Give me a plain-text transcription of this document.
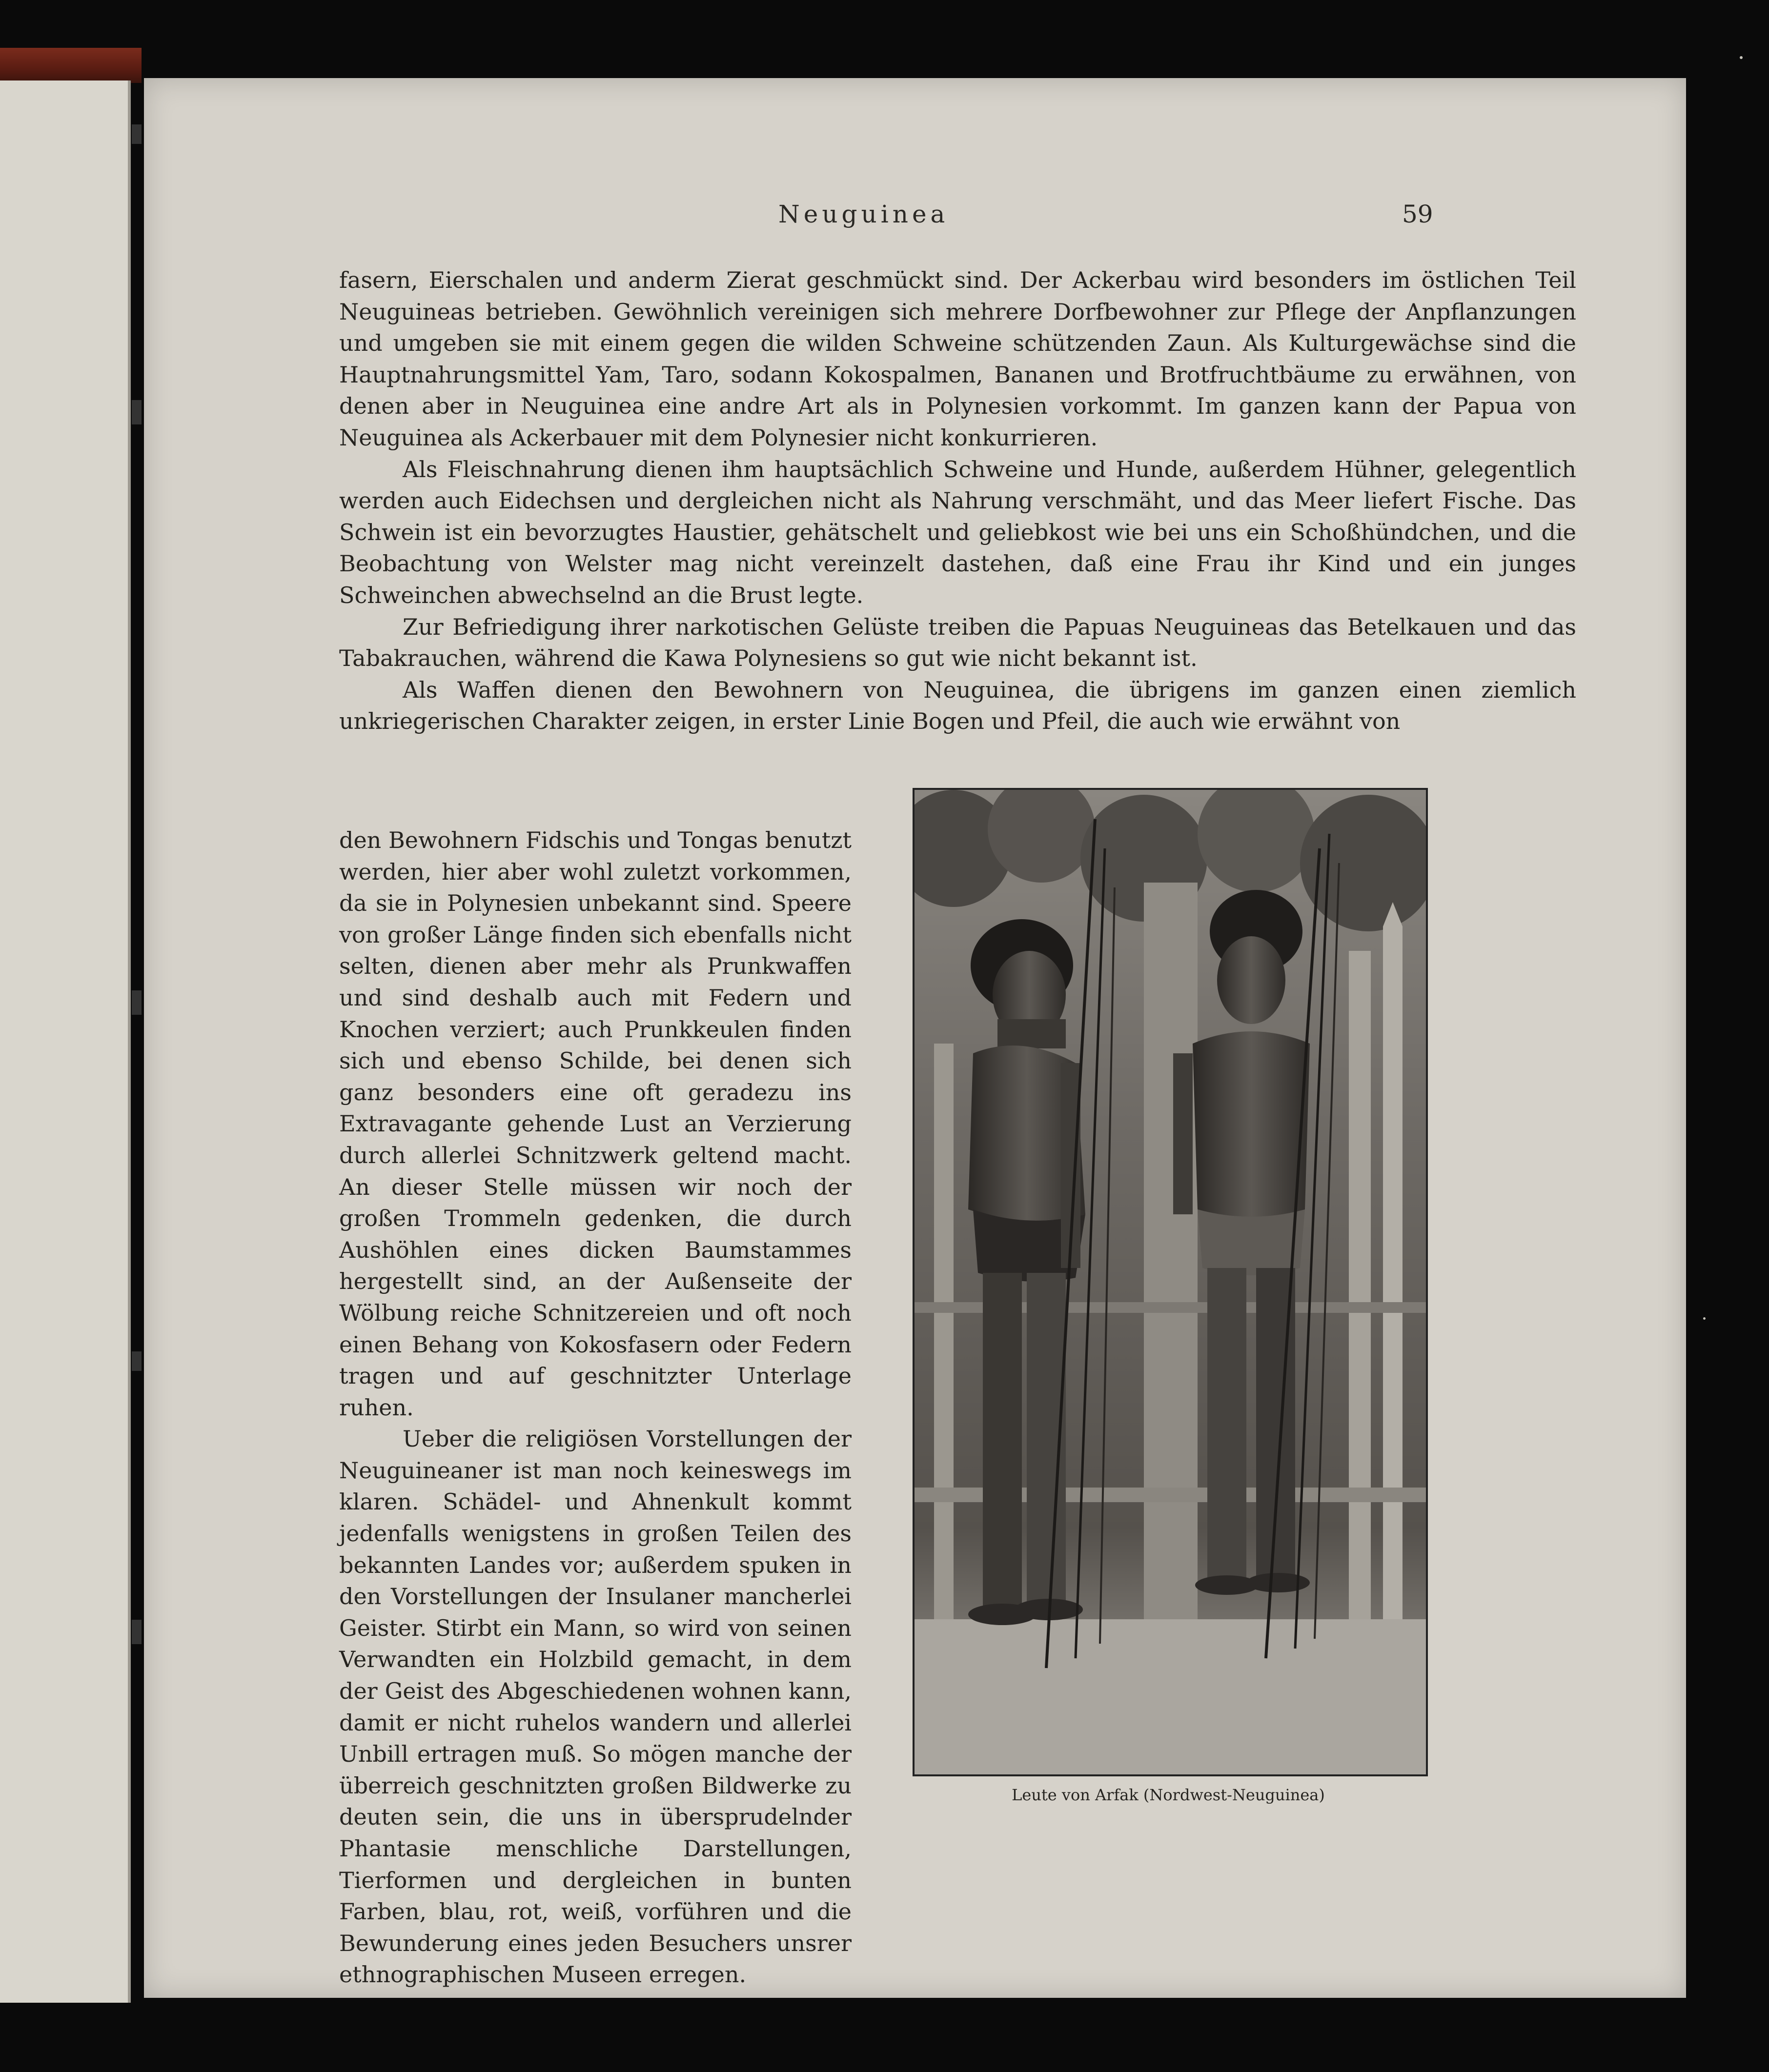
Neuguinea	59

fasern, Eierschalen und anderm Zierat geschmückt sind. Der Ackerbau wird besonders im östlichen Teil Neuguineas betrieben. Gewöhnlich vereinigen sich mehrere Dorfbewohner zur Pflege der Anpflanzungen und umgeben sie mit einem gegen die wilden Schweine schützenden Zaun. Als Kulturgewächse sind die Hauptnahrungsmittel Yam, Taro, sodann Kokospalmen, Bananen und Brotfruchtbäume zu erwähnen, von denen aber in Neuguinea eine andre Art als in Polynesien vorkommt. Im ganzen kann der Papua von Neuguinea als Ackerbauer mit dem Polynesier nicht konkurrieren.

Als Fleischnahrung dienen ihm hauptsächlich Schweine und Hunde, außerdem Hühner, gelegentlich werden auch Eidechsen und dergleichen nicht als Nahrung verschmäht, und das Meer liefert Fische. Das Schwein ist ein bevorzugtes Haustier, gehätschelt und geliebkost wie bei uns ein Schoßhündchen, und die Beobachtung von Welster mag nicht vereinzelt dastehen, daß eine Frau ihr Kind und ein junges Schweinchen abwechselnd an die Brust legte.

Zur Befriedigung ihrer narkotischen Gelüste treiben die Papuas Neuguineas das Betelkauen und das Tabakrauchen, während die Kawa Polynesiens so gut wie nicht bekannt ist.

Als Waffen dienen den Bewohnern von Neuguinea, die übrigens im ganzen einen ziemlich unkriegerischen Charakter zeigen, in erster Linie Bogen und Pfeil, die auch wie erwähnt von

den Bewohnern Fidschis und Tongas benutzt werden, hier aber wohl zuletzt vorkommen, da sie in Polynesien unbekannt sind. Speere von großer Länge finden sich ebenfalls nicht selten, dienen aber mehr als Prunkwaffen und sind deshalb auch mit Federn und Knochen verziert; auch Prunkkeulen finden sich und ebenso Schilde, bei denen sich ganz besonders eine oft geradezu ins Extravagante gehende Lust an Verzierung durch allerlei Schnitzwerk geltend macht. An dieser Stelle müssen wir noch der großen Trommeln gedenken, die durch Aushöhlen eines dicken Baumstammes hergestellt sind, an der Außenseite der Wölbung reiche Schnitzereien und oft noch einen Behang von Kokosfasern oder Federn tragen und auf geschnitzter Unterlage ruhen.

Ueber die religiösen Vorstellungen der Neuguineaner ist man noch keineswegs im klaren. Schädel- und Ahnenkult kommt jedenfalls wenigstens in großen Teilen des bekannten Landes vor; außerdem spuken in den Vorstellungen der Insulaner mancherlei Geister. Stirbt ein Mann, so wird von seinen Verwandten ein Holzbild gemacht, in dem der Geist des Abgeschiedenen wohnen kann, damit er nicht ruhelos wandern und allerlei Unbill ertragen muß. So mögen manche der überreich geschnitzten großen Bildwerke zu deuten sein, die uns in übersprudelnder Phantasie menschliche Darstellungen, Tierformen und dergleichen in bunten Farben, blau, rot, weiß, vorführen und die Bewunderung eines jeden Besuchers unsrer ethnographischen Museen erregen.

Leute von Arfak (Nordwest-Neuguinea)
